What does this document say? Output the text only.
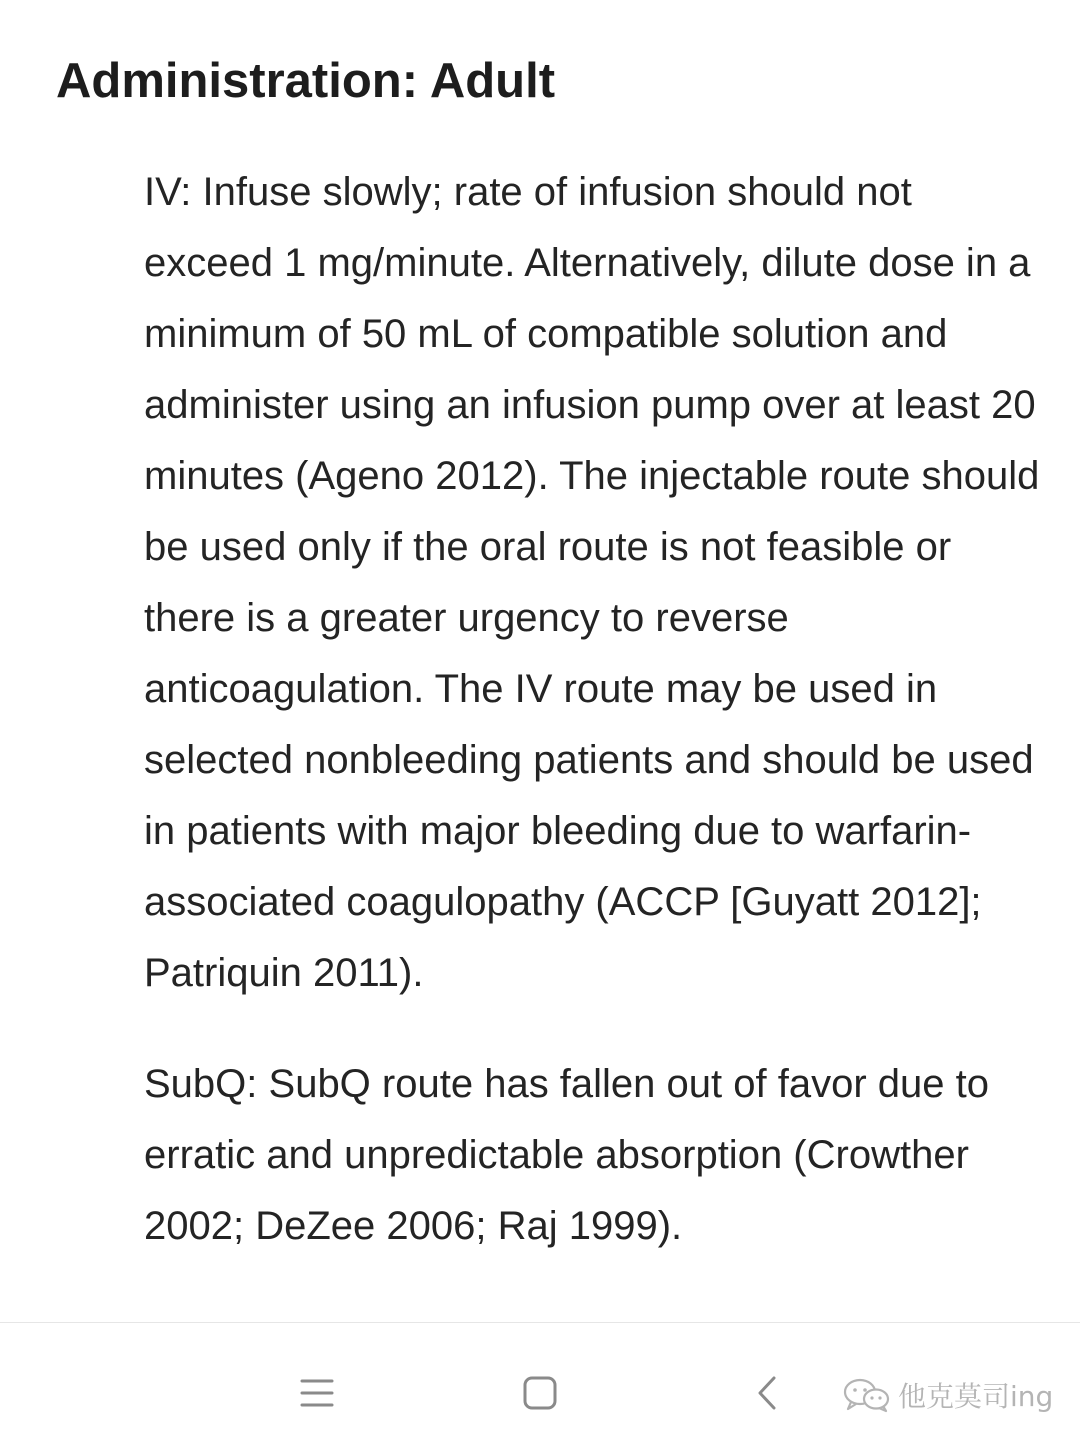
Administration: Adult

IV: Infuse slowly; rate of infusion should not exceed 1 mg/minute. Alternatively, dilute dose in a minimum of 50 mL of compatible solution and administer using an infusion pump over at least 20 minutes (Ageno 2012). The injectable route should be used only if the oral route is not feasible or there is a greater urgency to reverse anticoagulation. The IV route may be used in selected nonbleeding patients and should be used in patients with major bleeding due to warfarin-associated coagulopathy (ACCP [Guyatt 2012]; Patriquin 2011).

SubQ: SubQ route has fallen out of favor due to erratic and unpredictable absorption (Crowther 2002; DeZee 2006; Raj 1999).

他克莫司ing
